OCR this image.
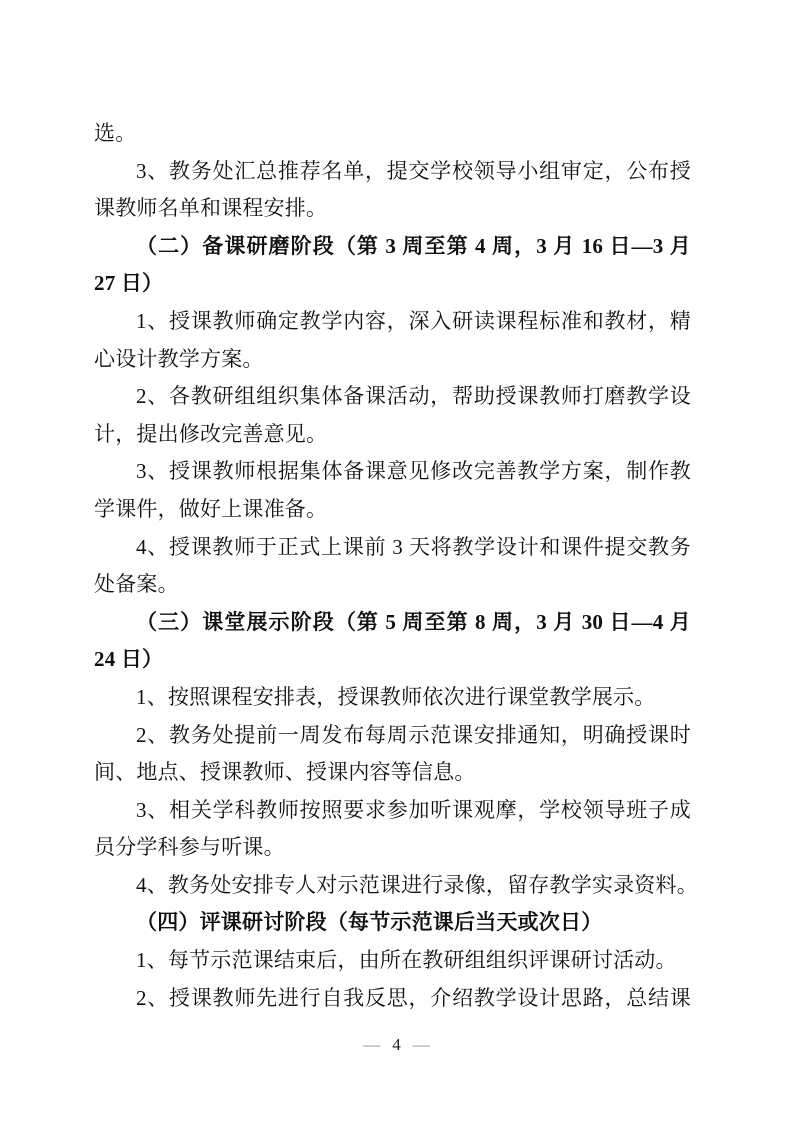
选。
3、教务处汇总推荐名单，提交学校领导小组审定，公布授
课教师名单和课程安排。
（二）备课研磨阶段（第 3 周至第 4 周，3 月 16 日—3 月
27 日）
1、授课教师确定教学内容，深入研读课程标准和教材，精
心设计教学方案。
2、各教研组组织集体备课活动，帮助授课教师打磨教学设
计，提出修改完善意见。
3、授课教师根据集体备课意见修改完善教学方案，制作教
学课件，做好上课准备。
4、授课教师于正式上课前 3 天将教学设计和课件提交教务
处备案。
（三）课堂展示阶段（第 5 周至第 8 周，3 月 30 日—4 月
24 日）
1、按照课程安排表，授课教师依次进行课堂教学展示。
2、教务处提前一周发布每周示范课安排通知，明确授课时
间、地点、授课教师、授课内容等信息。
3、相关学科教师按照要求参加听课观摩，学校领导班子成
员分学科参与听课。
4、教务处安排专人对示范课进行录像，留存教学实录资料。
（四）评课研讨阶段（每节示范课后当天或次日）
1、每节示范课结束后，由所在教研组组织评课研讨活动。
2、授课教师先进行自我反思，介绍教学设计思路，总结课
— 4 —
